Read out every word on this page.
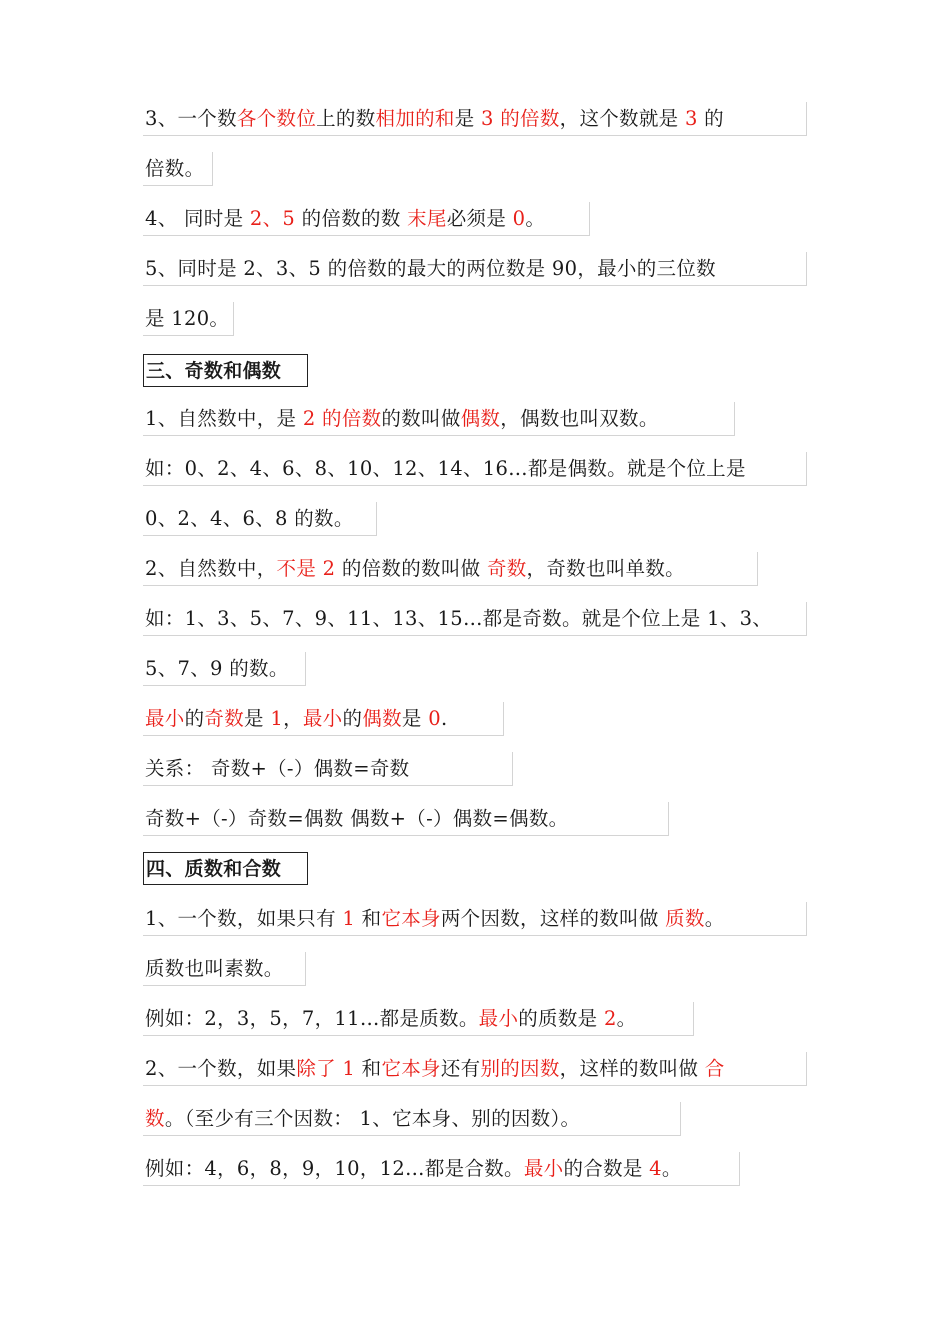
3、一个数各个数位上的数相加的和是 3 的倍数，这个数就是 3 的
倍数。
4、 同时是 2、5 的倍数的数 末尾必须是 0。
5、同时是 2、3、5 的倍数的最大的两位数是 90，最小的三位数
是 120。
三、奇数和偶数
1、自然数中，是 2 的倍数的数叫做偶数，偶数也叫双数。
如：0、2、4、6、8、10、12、14、16…都是偶数。就是个位上是
0、2、4、6、8 的数。
2、自然数中，不是 2 的倍数的数叫做 奇数，奇数也叫单数。
如：1、3、5、7、9、11、13、15…都是奇数。就是个位上是 1、3、
5、7、9 的数。
最小的奇数是 1，最小的偶数是 0.
关系： 奇数+（-）偶数=奇数
奇数+（-）奇数=偶数 偶数+（-）偶数=偶数。
四、质数和合数
1、一个数，如果只有 1 和它本身两个因数，这样的数叫做 质数。
质数也叫素数。
例如：2，3，5，7，11…都是质数。最小的质数是 2。
2、一个数，如果除了 1 和它本身还有别的因数，这样的数叫做 合
数。（至少有三个因数： 1、它本身、别的因数）。
例如：4，6，8，9，10，12…都是合数。最小的合数是 4。
